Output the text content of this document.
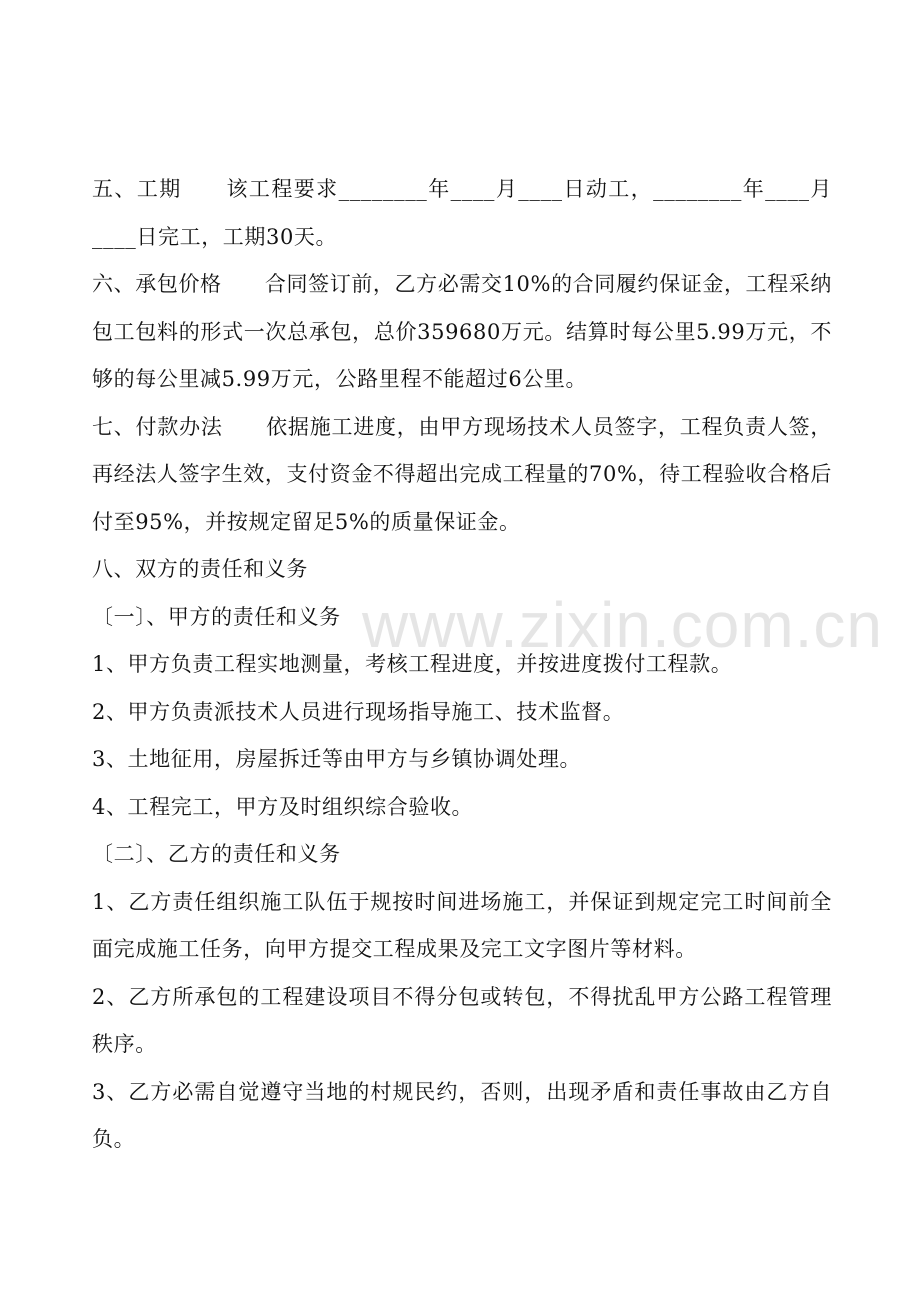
五、工期　　该工程要求________年____月____日动工，________年____月____日完工，工期30天。

六、承包价格　　合同签订前，乙方必需交10%的合同履约保证金，工程采纳包工包料的形式一次总承包，总价359680万元。结算时每公里5.99万元，不够的每公里减5.99万元，公路里程不能超过6公里。

七、付款办法　　依据施工进度，由甲方现场技术人员签字，工程负责人签，再经法人签字生效，支付资金不得超出完成工程量的70%，待工程验收合格后付至95%，并按规定留足5%的质量保证金。

八、双方的责任和义务

〔一〕、甲方的责任和义务

1、甲方负责工程实地测量，考核工程进度，并按进度拨付工程款。

2、甲方负责派技术人员进行现场指导施工、技术监督。

3、土地征用，房屋拆迁等由甲方与乡镇协调处理。

4、工程完工，甲方及时组织综合验收。

〔二〕、乙方的责任和义务

1、乙方责任组织施工队伍于规按时间进场施工，并保证到规定完工时间前全面完成施工任务，向甲方提交工程成果及完工文字图片等材料。

2、乙方所承包的工程建设项目不得分包或转包，不得扰乱甲方公路工程管理秩序。

3、乙方必需自觉遵守当地的村规民约，否则，出现矛盾和责任事故由乙方自负。

www.zixin.com.cn
